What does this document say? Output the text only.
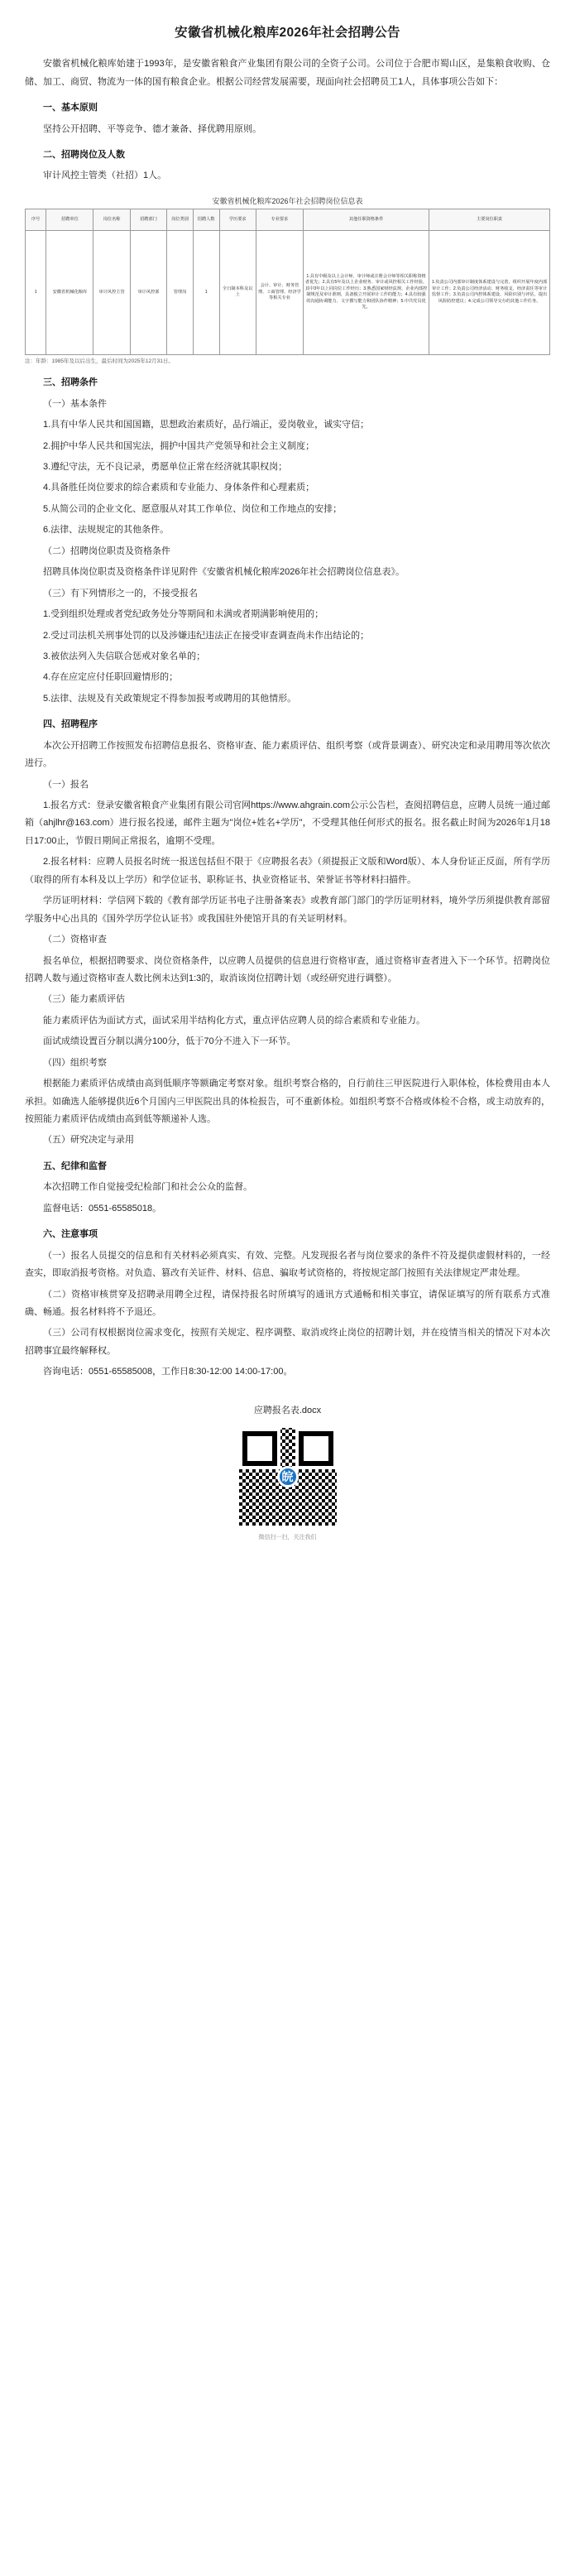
安徽省机械化粮库2026年社会招聘公告

安徽省机械化粮库始建于1993年，是安徽省粮食产业集团有限公司的全资子公司。公司位于合肥市蜀山区，是集粮食收购、仓储、加工、商贸、物流为一体的国有粮食企业。根据公司经营发展需要，现面向社会招聘员工1人，具体事项公告如下：

一、基本原则

坚持公开招聘、平等竞争、德才兼备、择优聘用原则。

二、招聘岗位及人数

审计风控主管类（社招）1人。

安徽省机械化粮库2026年社会招聘岗位信息表
序号	招聘单位	岗位名称	招聘部门	岗位类别	招聘人数	学历要求	专业要求	其他任职资格条件	主要岗位职责
1	安徽省机械化粮库	审计风控主管	审计风控部	管理岗	1	全日制本科及以上	会计、审计、财务管理、工商管理、经济学等相关专业	1.具有中级及以上会计师、审计师或注册会计师等相关职称资格者优先；2.具有5年及以上企业财务、审计或风控相关工作经验，其中3年以上同岗位工作经历；3.熟悉国家财经法规、企业内部控制规范及审计准则，具备独立开展审计工作的能力；4.具有较强的沟通协调能力、文字撰写能力和团队协作精神；5.中共党员优先。	1.负责公司内部审计制度体系建设与完善，组织开展年度内部审计工作；2.负责公司经济活动、财务收支、经济责任等审计监督工作；3.负责公司内控体系建设、风险识别与评估，提出风险防控建议；4.完成公司领导交办的其他工作任务。
注：年龄：1985年及以后出生，最后时间为2025年12月31日。

三、招聘条件

（一）基本条件

1.具有中华人民共和国国籍，思想政治素质好，品行端正，爱岗敬业，诚实守信；

2.拥护中华人民共和国宪法，拥护中国共产党领导和社会主义制度；

3.遵纪守法，无不良记录，勇愿单位正常在经济就其职权岗；

4.具备胜任岗位要求的综合素质和专业能力、身体条件和心理素质；

5.从简公司的企业文化、愿意服从对其工作单位、岗位和工作地点的安排；

6.法律、法规规定的其他条件。

（二）招聘岗位职责及资格条件

招聘具体岗位职责及资格条件详见附件《安徽省机械化粮库2026年社会招聘岗位信息表》。

（三）有下列情形之一的，不接受报名

1.受到组织处理或者党纪政务处分等期间和未满或者期满影响使用的；

2.受过司法机关刑事处罚的以及涉嫌违纪违法正在接受审查调查尚未作出结论的；

3.被依法列入失信联合惩戒对象名单的；

4.存在应定应付任职回避情形的；

5.法律、法规及有关政策规定不得参加报考或聘用的其他情形。

四、招聘程序

本次公开招聘工作按照发布招聘信息报名、资格审查、能力素质评估、组织考察（或背景调查）、研究决定和录用聘用等次依次进行。

（一）报名

1.报名方式：登录安徽省粮食产业集团有限公司官网https://www.ahgrain.com公示公告栏，查阅招聘信息，应聘人员统一通过邮箱（ahjlhr@163.com）进行报名投递，邮件主题为"岗位+姓名+学历"，不受理其他任何形式的报名。报名截止时间为2026年1月18日17:00止，节假日期间正常报名，逾期不受理。

2.报名材料：应聘人员报名时统一报送包括但不限于《应聘报名表》（须提报正文版和Word版）、本人身份证正反面，所有学历（取得的所有本科及以上学历）和学位证书、职称证书、执业资格证书、荣誉证书等材料扫描件。

学历证明材料：学信网下载的《教育部学历证书电子注册备案表》或教育部门部门的学历证明材料，境外学历须提供教育部留学服务中心出具的《国外学历学位认证书》或我国驻外使馆开具的有关证明材料。

（二）资格审查

报名单位，根据招聘要求、岗位资格条件，以应聘人员提供的信息进行资格审查，通过资格审查者进入下一个环节。招聘岗位招聘人数与通过资格审查人数比例未达到1:3的，取消该岗位招聘计划（或经研究进行调整）。

（三）能力素质评估

能力素质评估为面试方式，面试采用半结构化方式，重点评估应聘人员的综合素质和专业能力。

面试成绩设置百分制以满分100分，低于70分不进入下一环节。

（四）组织考察

根据能力素质评估成绩由高到低顺序等额确定考察对象。组织考察合格的，自行前往三甲医院进行入职体检，体检费用由本人承担。如确选人能够提供近6个月国内三甲医院出具的体检报告，可不重新体检。如组织考察不合格或体检不合格，或主动放弃的，按照能力素质评估成绩由高到低等额递补人选。

（五）研究决定与录用

五、纪律和监督

本次招聘工作自觉接受纪检部门和社会公众的监督。

监督电话：0551-65585018。

六、注意事项

（一）报名人员提交的信息和有关材料必须真实、有效、完整。凡发现报名者与岗位要求的条件不符及提供虚假材料的，一经查实，即取消报考资格。对负造、篡改有关证件、材料、信息、骗取考试资格的，将按规定部门按照有关法律规定严肃处理。

（二）资格审核贯穿及招聘录用聘全过程，请保持报名时所填写的通讯方式通畅和相关事宜，请保证填写的所有联系方式准确、畅通。报名材料将不予退还。

（三）公司有权根据岗位需求变化，按照有关规定、程序调整、取消或终止岗位的招聘计划，并在疫情当相关的情况下对本次招聘事宜最终解释权。

咨询电话：0551-65585008，工作日8:30-12:00 14:00-17:00。

应聘报名表.docx
皖
微信扫一扫，关注我们
